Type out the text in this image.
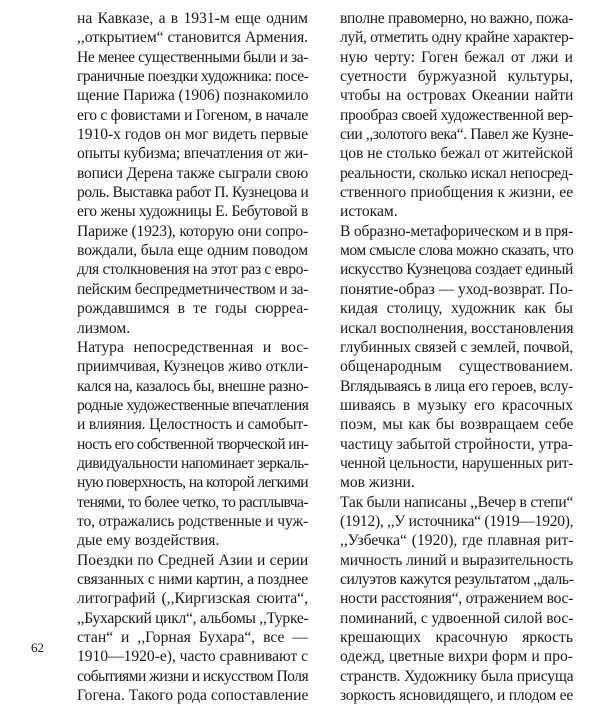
на Кавказе, а в 1931-м еще одним
,,открытием“ становится Армения.
Не менее существенными были и за-
граничные поездки художника: посе-
щение Парижа (1906) познакомило
его с фовистами и Гогеном, в начале
1910-х годов он мог видеть первые
опыты кубизма; впечатления от жи-
вописи Дерена также сыграли свою
роль. Выставка работ П. Кузнецова и
его жены художницы Е. Бебутовой в
Париже (1923), которую они сопро-
вождали, была еще одним поводом
для столкновения на этот раз с евро-
пейским беспредметничеством и за-
рождавшимся в те годы сюрреа-
лизмом.
Натура непосредственная и вос-
приимчивая, Кузнецов живо откли-
кался на, казалось бы, внешне разно-
родные художественные впечатления
и влияния. Целостность и самобыт-
ность его собственной творческой ин-
дивидуальности напоминает зеркаль-
ную поверхность, на которой легкими
тенями, то более четко, то расплывча-
то, отражались родственные и чуж-
дые ему воздействия.
Поездки по Средней Азии и серии
связанных с ними картин, а позднее
литографий (,,Киргизская сюита“,
,,Бухарский цикл“, альбомы ,,Турке-
стан“ и ,,Горная Бухара“, все —
1910—1920-е), часто сравнивают с
событиями жизни и искусством Поля
Гогена. Такого рода сопоставление
вполне правомерно, но важно, пожа-
луй, отметить одну крайне характер-
ную черту: Гоген бежал от лжи и
суетности буржуазной культуры,
чтобы на островах Океании найти
прообраз своей художественной вер-
сии ,,золотого века“. Павел же Кузне-
цов не столько бежал от житейской
реальности, сколько искал непосред-
ственного приобщения к жизни, ее
истокам.
В образно-метафорическом и в пря-
мом смысле слова можно сказать, что
искусство Кузнецова создает единый
понятие-образ — уход-возврат. По-
кидая столицу, художник как бы
искал восполнения, восстановления
глубинных связей с землей, почвой,
общенародным существованием.
Вглядываясь в лица его героев, вслу-
шиваясь в музыку его красочных
поэм, мы как бы возвращаем себе
частицу забытой стройности, утра-
ченной цельности, нарушенных рит-
мов жизни.
Так были написаны ,,Вечер в степи“
(1912), ,,У источника“ (1919—1920),
,,Узбечка“ (1920), где плавная рит-
мичность линий и выразительность
силуэтов кажутся результатом ,,даль-
ности расстояния“, отражением вос-
поминаний, с удвоенной силой вос-
крешающих красочную яркость
одежд, цветные вихри форм и про-
странств. Художнику была присуща
зоркость ясновидящего, и плодом ее
62
